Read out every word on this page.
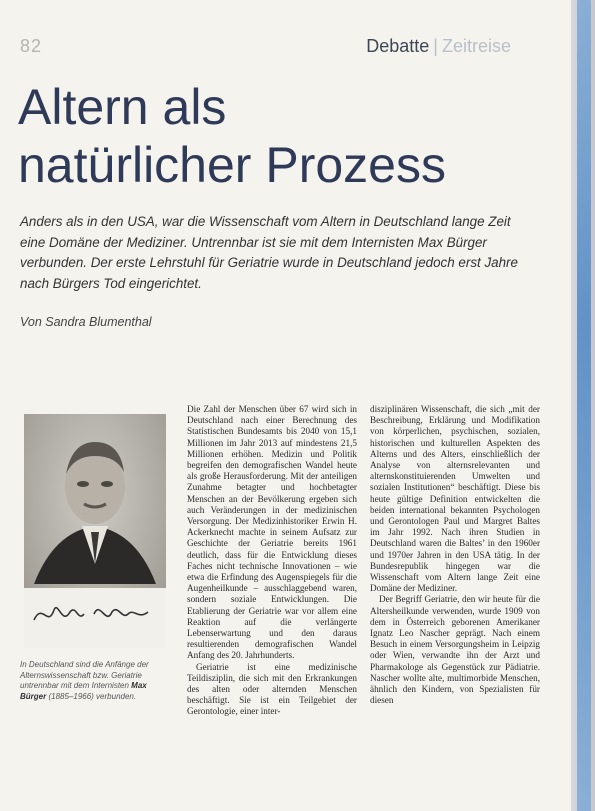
82	Debatte | Zeitreise
Altern als
natürlicher Prozess
Anders als in den USA, war die Wissenschaft vom Altern in Deutschland lange Zeit eine Domäne der Mediziner. Untrennbar ist sie mit dem Internisten Max Bürger verbunden. Der erste Lehrstuhl für Geriatrie wurde in Deutschland jedoch erst Jahre nach Bürgers Tod eingerichtet.
Von Sandra Blumenthal
In Deutschland sind die Anfänge der Alternswissenschaft bzw. Geriatrie untrennbar mit dem Internisten Max Bürger (1885–1966) verbunden.

Die Zahl der Menschen über 67 wird sich in Deutschland nach einer Berechnung des Statistischen Bundesamts bis 2040 von 15,1 Millionen im Jahr 2013 auf mindestens 21,5 Millionen erhöhen. Medizin und Politik begreifen den demografischen Wandel heute als große Herausforderung. Mit der anteiligen Zunahme betagter und hochbetagter Menschen an der Bevölkerung ergeben sich auch Veränderungen in der medizinischen Versorgung. Der Medizinhistoriker Erwin H. Ackerknecht machte in seinem Aufsatz zur Geschichte der Geriatrie bereits 1961 deutlich, dass für die Entwicklung dieses Faches nicht technische Innovationen – wie etwa die Erfindung des Augenspiegels für die Augenheilkunde – ausschlaggebend waren, sondern soziale Entwicklungen. Die Etablierung der Geriatrie war vor allem eine Reaktion auf die verlängerte Lebenserwartung und den daraus resultierenden demografischen Wandel Anfang des 20. Jahrhunderts.

Geriatrie ist eine medizinische Teildisziplin, die sich mit den Erkrankungen des alten oder alternden Menschen beschäftigt. Sie ist ein Teilgebiet der Gerontologie, einer inter-

disziplinären Wissenschaft, die sich „mit der Beschreibung, Erklärung und Modifikation von körperlichen, psychischen, sozialen, historischen und kulturellen Aspekten des Alterns und des Alters, einschließlich der Analyse von alternsrelevanten und alternskonstituierenden Umwelten und sozialen Institutionen“ beschäftigt. Diese bis heute gültige Definition entwickelten die beiden international bekannten Psychologen und Gerontologen Paul und Margret Baltes im Jahr 1992. Nach ihren Studien in Deutschland waren die Baltes’ in den 1960er und 1970er Jahren in den USA tätig. In der Bundesrepublik hingegen war die Wissenschaft vom Altern lange Zeit eine Domäne der Mediziner.

Der Begriff Geriatrie, den wir heute für die Altersheilkunde verwenden, wurde 1909 von dem in Österreich geborenen Amerikaner Ignatz Leo Nascher geprägt. Nach einem Besuch in einem Versorgungsheim in Leipzig oder Wien, verwandte ihn der Arzt und Pharmakologe als Gegenstück zur Pädiatrie. Nascher wollte alte, multimorbide Menschen, ähnlich den Kindern, von Spezialisten für diesen
